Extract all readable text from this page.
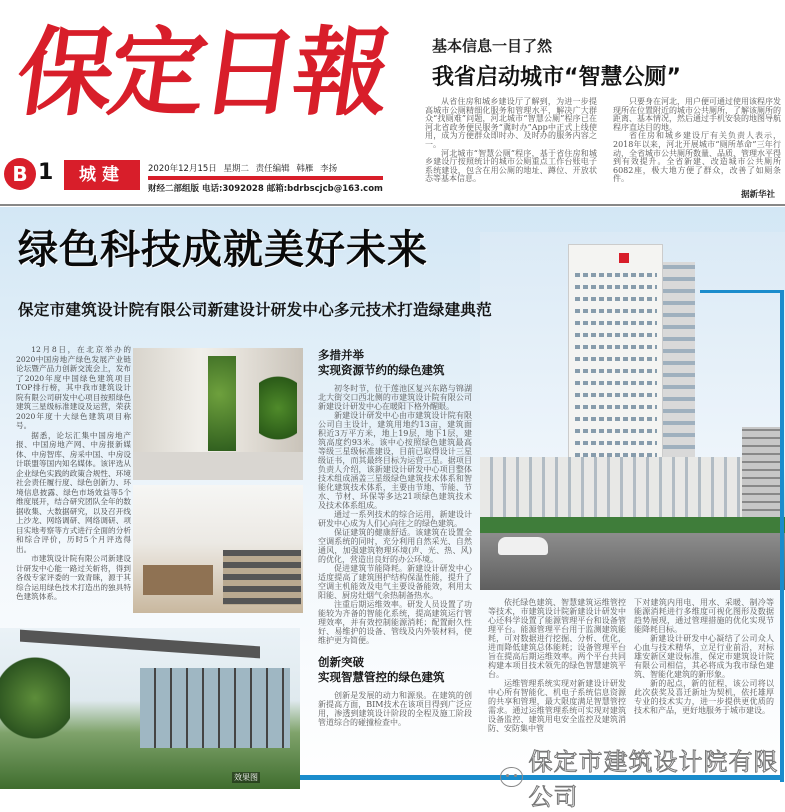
保定日報	基本信息一目了然
我省启动城市“智慧公厕”

从省住房和城乡建设厅了解到，为进一步提高城市公厕精细化服务和管理水平，解决广大群众“找厕难”问题，河北城市“智慧公厕”程序已在河北省政务便民服务“冀时办”App中正式上线使用，成为方便群众即时办、及时办的服务内容之一。

河北城市“智慧公厕”程序，基于省住房和城乡建设厅按照统计的城市公厕重点工作台账电子系统建设，包含在用公厕的地址、蹲位、开放状态等基本信息。

只要身在河北，用户便可通过使用该程序发现所在位置附近的城市公共厕所，了解该厕所的距离、基本情况，然后通过手机安装的地图导航程序直达目的地。

省住房和城乡建设厅有关负责人表示，2018年以来，河北开展城市“厕所革命”三年行动，全省城市公共厕所数量、品质、管理水平得到有效提升。全省新建、改造城市公共厕所6082座，极大地方便了群众，改善了如厕条件。

据新华社
B 1	城建	2020年12月15日 星期二 责任编辑 韩雁 李扬
财经二部组版 电话:3092028 邮箱:bdrbscjcb@163.com
绿色科技成就美好未来
保定市建筑设计院有限公司新建设计研发中心多元技术打造绿建典范

12月8日，在北京举办的2020中国房地产绿色发展产业链论坛暨产品力创新交流会上，发布了2020年度中国绿色建筑项目TOP排行榜，其中我市建筑设计院有限公司研发中心项目按照绿色建筑三星级标准建设及运营，荣获2020年度十大绿色建筑项目称号。

据悉，论坛汇集中国房地产报、中国房地产网、中房报新媒体、中房智库、房采中国、中房设计联盟等国内知名媒体。该评选从企业绿色实践的政策合规性、环境社会责任履行度、绿色创新力、环境信息披露、绿色市场效益等5个维度展开，结合研究团队全年的数据收集、大数据研究，以及召开线上沙龙、网络调研、网络调研、项目实地考察等方式进行全面的分析和综合评价，历时5个月评选得出。

市建筑设计院有限公司新建设计研发中心能一路过关斩将，得到各级专家评委的一致青睐，源于其综合运用绿色技术打造出的独具特色建筑体系。

效果图
多措并举
实现资源节约的绿色建筑

初冬时节，位于莲池区复兴东路与锦湖北大街交口西北侧的市建筑设计院有限公司新建设计研发中心在暖阳下格外醒眼。

新建设计研发中心由市建筑设计院有限公司自主设计，建筑用地约13亩，建筑面积近3万平方米，地上19层，地下1层，建筑高度约93米。该中心按照绿色建筑最高等级三星级标准建设，目前已取得设计三星级证书，而其最终目标为运营三星。据项目负责人介绍，该新建设计研发中心项目整体技术组成涵盖三星级绿色建筑技术体系和智能化建筑技术体系，主要由节地、节能、节水、节材、环保等多达21项绿色建筑技术及技术体系组成。

通过一系列技术的综合运用，新建设计研发中心成为人们心向往之的绿色建筑。

保证建筑的健康舒适。该建筑在设置全空调系统的同时，充分利用自然采光、自然通风，加强建筑物理环境(声、光、热、风)的优化，营造出良好的办公环境。

促进建筑节能降耗。新建设计研发中心适度提高了建筑围护结构保温性能，提升了空调主机能效及电气主要设备能效，利用太阳能、厨房灶烟气余热制备热水。

注重后期运维效率。研发人员设置了功能较为齐备的智能化系统，提高建筑运行管理效率，并有效控制能源消耗；配置耐久性好、易维护的设备、管线及内外装材料，使维护更为简便。

创新突破
实现智慧管控的绿色建筑

创新是发展的动力和源泉。在建筑的创新提高方面，BIM技术在该项目得到广泛应用，渗透到建筑设计阶段的全程及施工阶段管道综合的碰撞检查中。

依托绿色建筑、智慧建筑运维管控等技术，市建筑设计院新建设计研发中心还科学设置了能源管理平台和设备管理平台。能源管理平台用于监测建筑能耗，可对数据进行挖掘、分析、优化，进而降低建筑总体能耗；设备管理平台旨在提高后期运维效率。两个平台共同构建本项目技术领先的绿色智慧建筑平台。

运维管理系统实现对新建设计研发中心所有智能化、机电子系统信息资源的共享和管理，最大限度满足智慧管控需求。通过运维管理系统可实现对建筑设备监控、建筑用电安全监控及建筑消防、安防集中管

下对建筑内用电、用水、采暖、制冷等能源消耗进行多维度可视化图形及数据趋势展现，通过管理措施的优化实现节能降耗目标。

新建设计研发中心凝结了公司众人心血与技术精华，立足行业前沿，对标雄安新区建设标准，保定市建筑设计院有限公司相信，其必将成为我市绿色建筑、智能化建筑的新形象。

新的起点，新的征程，该公司将以此次获奖及喜迁新址为契机，依托雄厚专业的技术实力，进一步提供更优质的技术和产品，更好地服务于城市建设。

保定市建筑设计院有限公司
